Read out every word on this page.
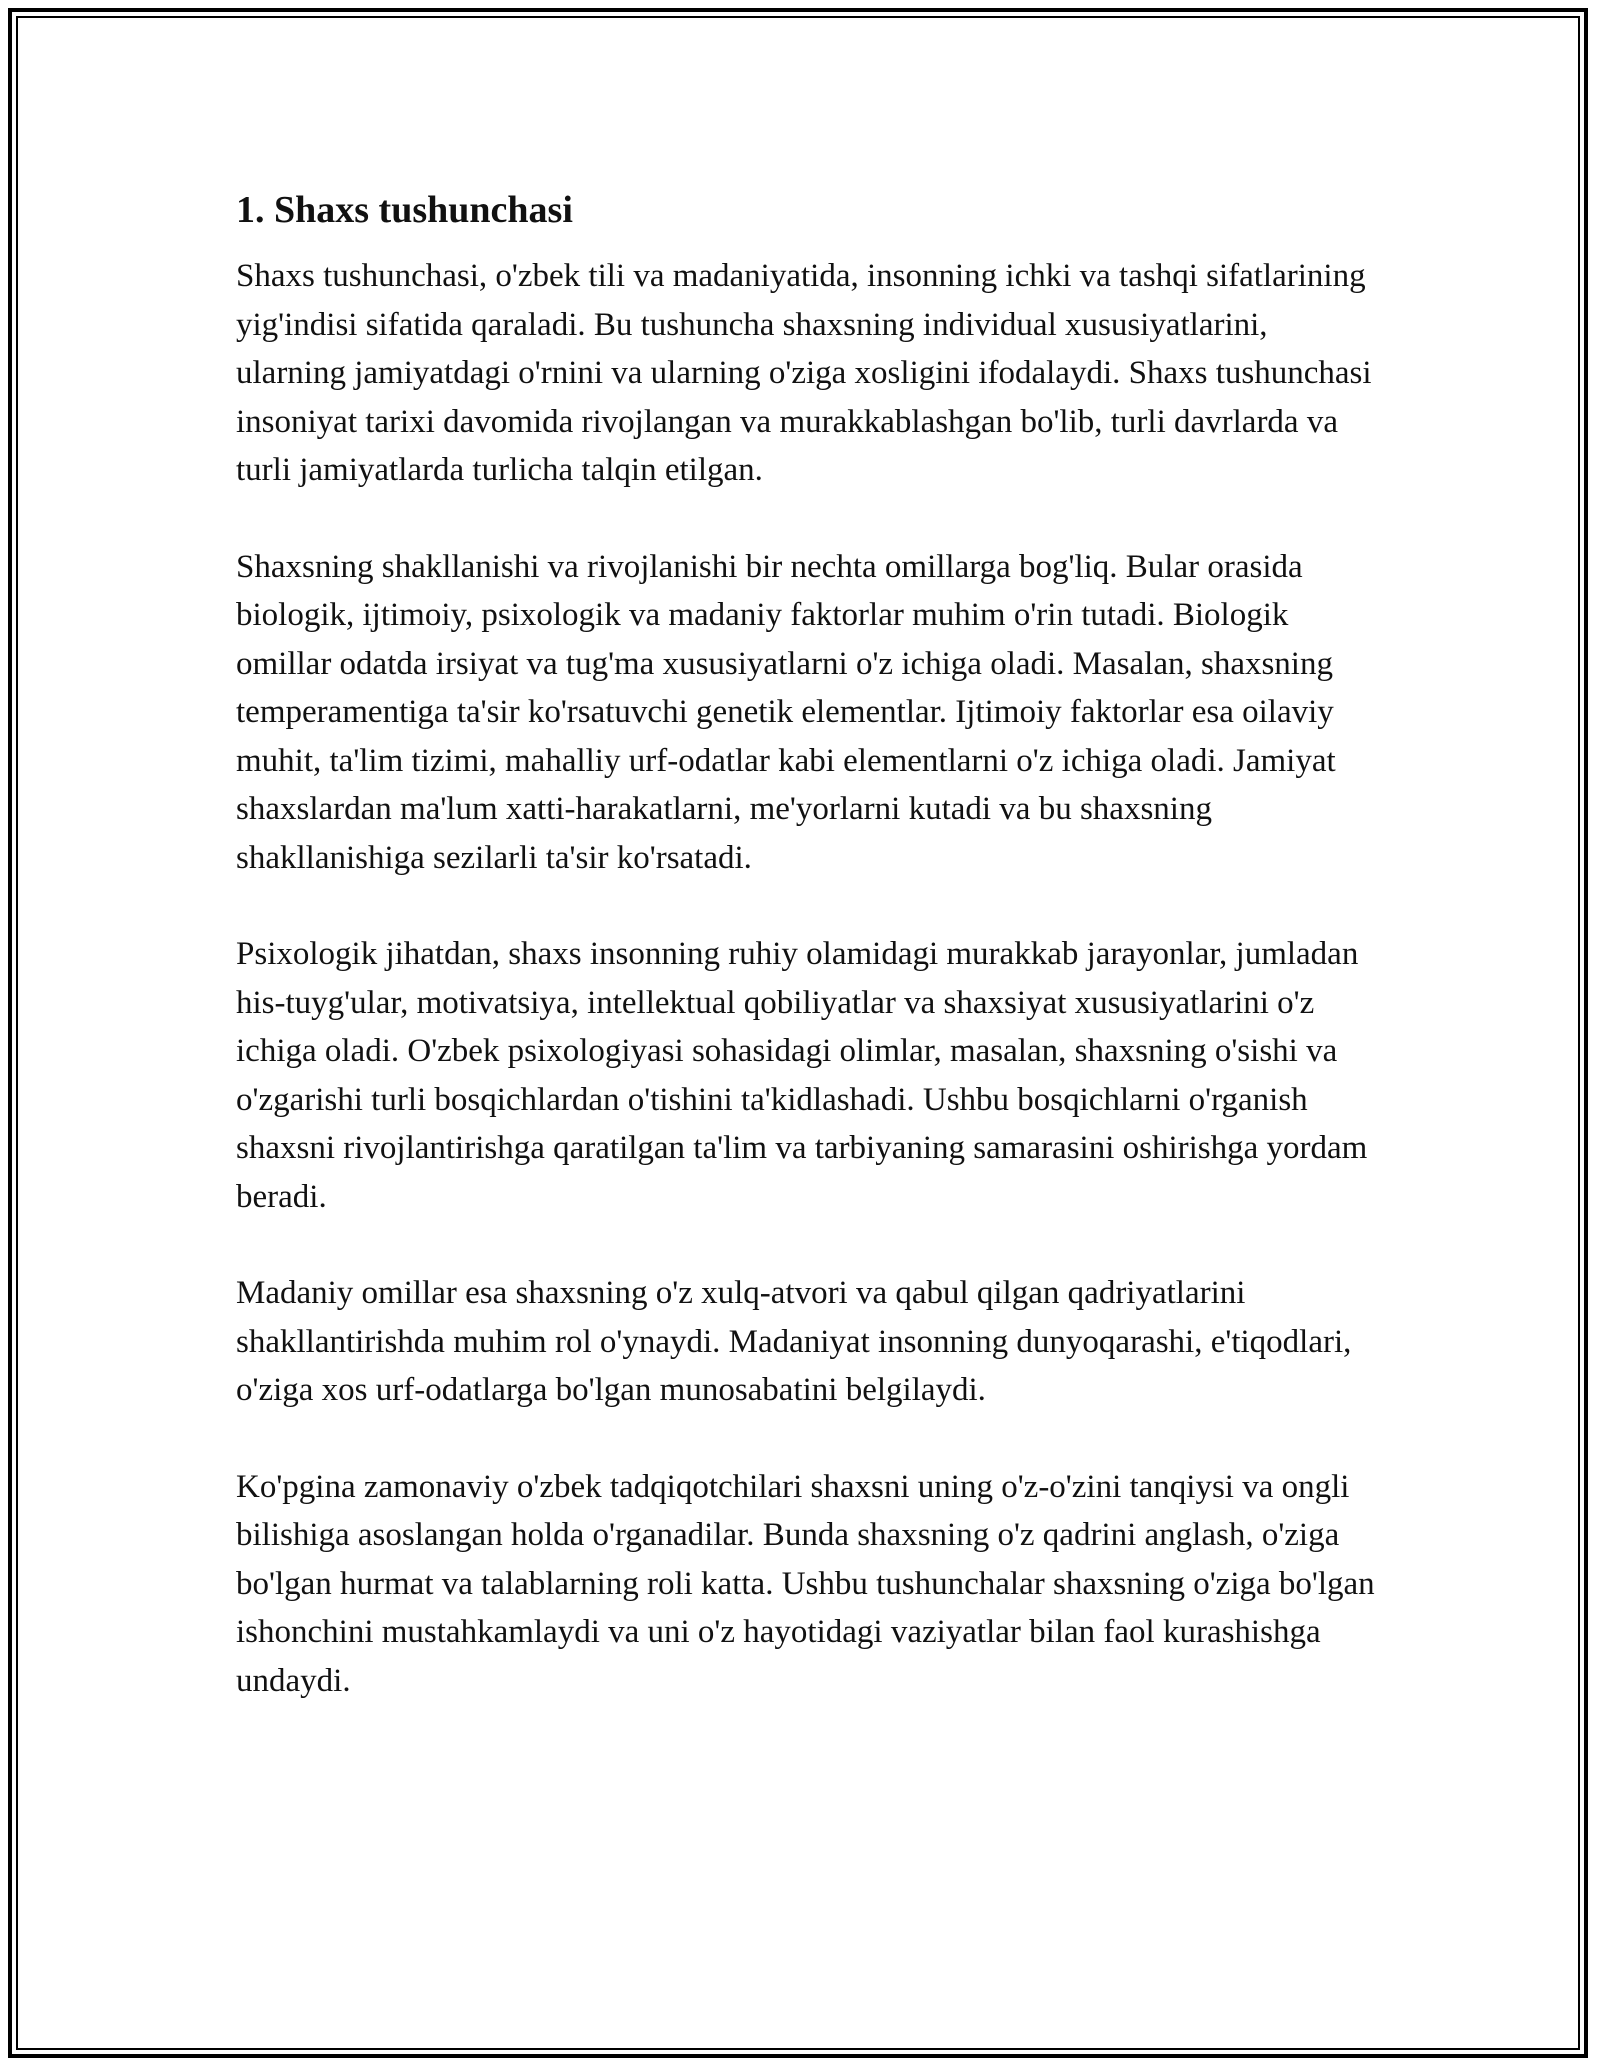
1. Shaxs tushunchasi

Shaxs tushunchasi, o'zbek tili va madaniyatida, insonning ichki va tashqi sifatlarining yig'indisi sifatida qaraladi. Bu tushuncha shaxsning individual xususiyatlarini, ularning jamiyatdagi o'rnini va ularning o'ziga xosligini ifodalaydi. Shaxs tushunchasi insoniyat tarixi davomida rivojlangan va murakkablashgan bo'lib, turli davrlarda va turli jamiyatlarda turlicha talqin etilgan.

Shaxsning shakllanishi va rivojlanishi bir nechta omillarga bog'liq. Bular orasida biologik, ijtimoiy, psixologik va madaniy faktorlar muhim o'rin tutadi. Biologik omillar odatda irsiyat va tug'ma xususiyatlarni o'z ichiga oladi. Masalan, shaxsning temperamentiga ta'sir ko'rsatuvchi genetik elementlar. Ijtimoiy faktorlar esa oilaviy muhit, ta'lim tizimi, mahalliy urf-odatlar kabi elementlarni o'z ichiga oladi. Jamiyat shaxslardan ma'lum xatti-harakatlarni, me'yorlarni kutadi va bu shaxsning shakllanishiga sezilarli ta'sir ko'rsatadi.

Psixologik jihatdan, shaxs insonning ruhiy olamidagi murakkab jarayonlar, jumladan his-tuyg'ular, motivatsiya, intellektual qobiliyatlar va shaxsiyat xususiyatlarini o'z ichiga oladi. O'zbek psixologiyasi sohasidagi olimlar, masalan, shaxsning o'sishi va o'zgarishi turli bosqichlardan o'tishini ta'kidlashadi. Ushbu bosqichlarni o'rganish shaxsni rivojlantirishga qaratilgan ta'lim va tarbiyaning samarasini oshirishga yordam beradi.

Madaniy omillar esa shaxsning o'z xulq-atvori va qabul qilgan qadriyatlarini shakllantirishda muhim rol o'ynaydi. Madaniyat insonning dunyoqarashi, e'tiqodlari, o'ziga xos urf-odatlarga bo'lgan munosabatini belgilaydi.

Ko'pgina zamonaviy o'zbek tadqiqotchilari shaxsni uning o'z-o'zini tanqiysi va ongli bilishiga asoslangan holda o'rganadilar. Bunda shaxsning o'z qadrini anglash, o'ziga bo'lgan hurmat va talablarning roli katta. Ushbu tushunchalar shaxsning o'ziga bo'lgan ishonchini mustahkamlaydi va uni o'z hayotidagi vaziyatlar bilan faol kurashishga undaydi.
